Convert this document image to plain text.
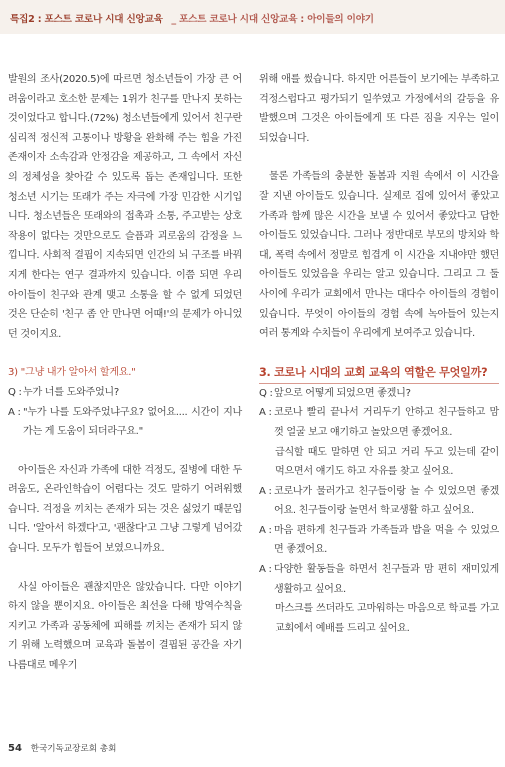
특집2 : 포스트 코로나 시대 신앙교육 _ 포스트 코로나 시대 신앙교육 : 아이들의 이야기

발원의 조사(2020.5)에 따르면 청소년들이 가장 큰 어려움이라고 호소한 문제는 1위가 친구를 만나지 못하는 것이었다고 합니다.(72%) 청소년들에게 있어서 친구란 심리적 정신적 고통이나 방황을 완화해 주는 힘을 가진 존재이자 소속감과 안정감을 제공하고, 그 속에서 자신의 정체성을 찾아갈 수 있도록 돕는 존재입니다. 또한 청소년 시기는 또래가 주는 자극에 가장 민감한 시기입니다. 청소년들은 또래와의 접촉과 소통, 주고받는 상호작용이 없다는 것만으로도 슬픔과 괴로움의 감정을 느낍니다. 사회적 결핍이 지속되면 인간의 뇌 구조를 바꿔지게 한다는 연구 결과까지 있습니다. 이쯤 되면 우리 아이들이 친구와 관계 맺고 소통을 할 수 없게 되었던 것은 단순히 '친구 좀 안 만나면 어때!'의 문제가 아니었던 것이지요.

3) "그냥 내가 알아서 할게요."

Q : 누가 너를 도와주었니?
A : "누가 나를 도와주었냐구요? 없어요.... 시간이 지나가는 게 도움이 되더라구요."

아이들은 자신과 가족에 대한 걱정도, 질병에 대한 두려움도, 온라인학습이 어렵다는 것도 말하기 어려워했습니다. 걱정을 끼치는 존재가 되는 것은 싫었기 때문입니다. '알아서 하겠다'고, '괜찮다'고 그냥 그렇게 넘어갔습니다. 모두가 힘들어 보였으니까요.

사실 아이들은 괜찮지만은 않았습니다. 다만 이야기하지 않을 뿐이지요. 아이들은 최선을 다해 방역수칙을 지키고 가족과 공동체에 피해를 끼치는 존재가 되지 않기 위해 노력했으며 교육과 돌봄이 결핍된 공간을 자기 나름대로 메우기

위해 애를 썼습니다. 하지만 어른들이 보기에는 부족하고 걱정스럽다고 평가되기 일쑤였고 가정에서의 갈등을 유발했으며 그것은 아이들에게 또 다른 짐을 지우는 일이 되었습니다.

물론 가족들의 충분한 돌봄과 지원 속에서 이 시간을 잘 지낸 아이들도 있습니다. 실제로 집에 있어서 좋았고 가족과 함께 많은 시간을 보낼 수 있어서 좋았다고 답한 아이들도 있었습니다. 그러나 정반대로 부모의 방치와 학대, 폭력 속에서 정말로 힘겹게 이 시간을 지내야만 했던 아이들도 있었음을 우리는 알고 있습니다. 그리고 그 둘 사이에 우리가 교회에서 만나는 대다수 아이들의 경험이 있습니다. 무엇이 아이들의 경험 속에 녹아들어 있는지 여러 통계와 수치들이 우리에게 보여주고 있습니다.

3. 코로나 시대의 교회 교육의 역할은 무엇일까?

Q : 앞으로 어떻게 되었으면 좋겠니?
A : 코로나 빨리 끝나서 거리두기 안하고 친구들하고 맘껏 얼굴 보고 얘기하고 놀았으면 좋겠어요.

급식할 때도 말하면 안 되고 거리 두고 있는데 같이 먹으면서 얘기도 하고 자유를 찾고 싶어요.

A : 코로나가 물러가고 친구들이랑 놀 수 있었으면 좋겠어요. 친구들이랑 놀면서 학교생활 하고 싶어요.
A : 마음 편하게 친구들과 가족들과 밥을 먹을 수 있었으면 좋겠어요.
A : 다양한 활동들을 하면서 친구들과 맘 편히 재미있게 생활하고 싶어요.

마스크를 쓰더라도 고마워하는 마음으로 학교를 가고 교회에서 예배를 드리고 싶어요.

54 한국기독교장로회 총회
